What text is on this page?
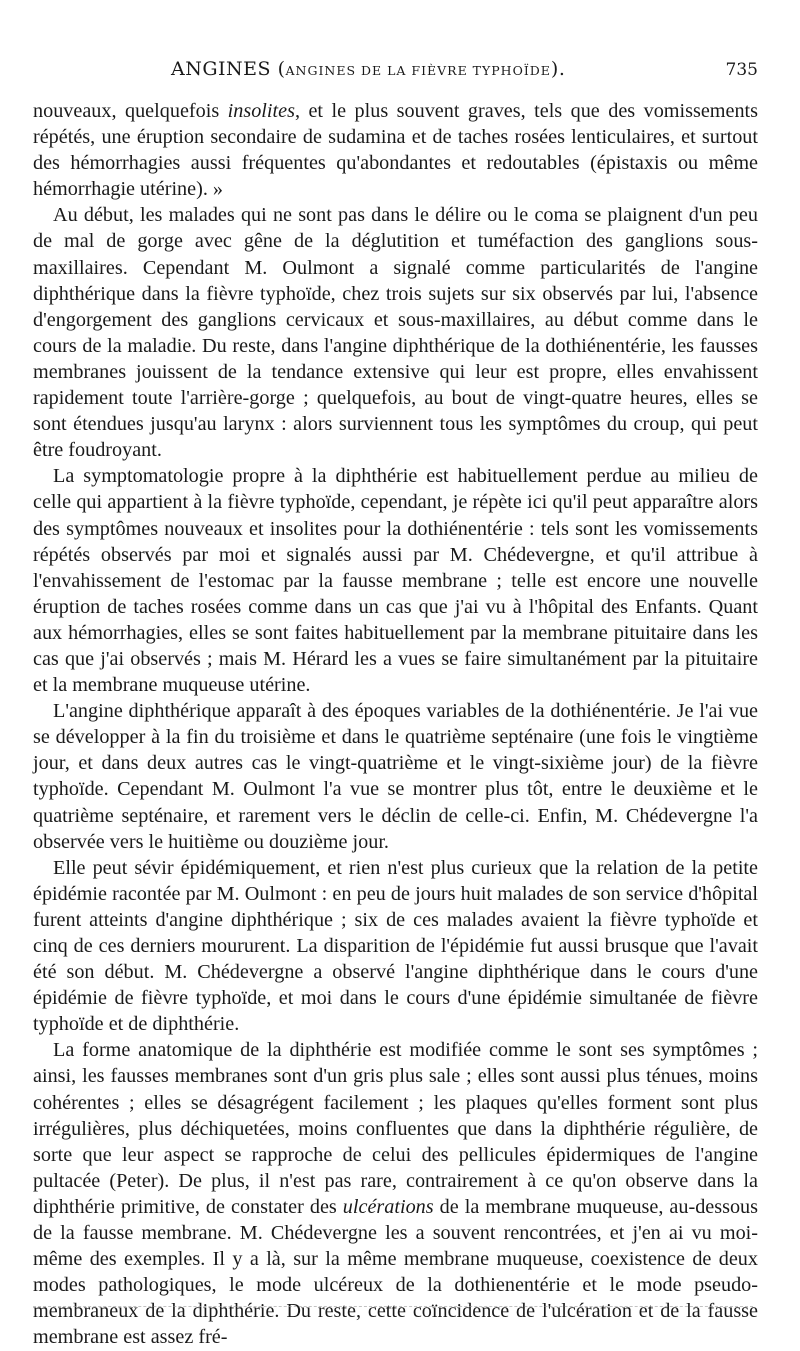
ANGINES (ANGINES DE LA FIÈVRE TYPHOÏDE).	735

nouveaux, quelquefois insolites, et le plus souvent graves, tels que des vomissements répétés, une éruption secondaire de sudamina et de taches rosées lenticulaires, et surtout des hémorrhagies aussi fréquentes qu'abondantes et redoutables (épistaxis ou même hémorrhagie utérine). »

Au début, les malades qui ne sont pas dans le délire ou le coma se plaignent d'un peu de mal de gorge avec gêne de la déglutition et tuméfaction des ganglions sous-maxillaires. Cependant M. Oulmont a signalé comme particularités de l'angine diphthérique dans la fièvre typhoïde, chez trois sujets sur six observés par lui, l'absence d'engorgement des ganglions cervicaux et sous-maxillaires, au début comme dans le cours de la maladie. Du reste, dans l'angine diphthérique de la dothiénentérie, les fausses membranes jouissent de la tendance extensive qui leur est propre, elles envahissent rapidement toute l'arrière-gorge ; quelquefois, au bout de vingt-quatre heures, elles se sont étendues jusqu'au larynx : alors surviennent tous les symptômes du croup, qui peut être foudroyant.

La symptomatologie propre à la diphthérie est habituellement perdue au milieu de celle qui appartient à la fièvre typhoïde, cependant, je répète ici qu'il peut apparaître alors des symptômes nouveaux et insolites pour la dothiénentérie : tels sont les vomissements répétés observés par moi et signalés aussi par M. Chédevergne, et qu'il attribue à l'envahissement de l'estomac par la fausse membrane ; telle est encore une nouvelle éruption de taches rosées comme dans un cas que j'ai vu à l'hôpital des Enfants. Quant aux hémorrhagies, elles se sont faites habituellement par la membrane pituitaire dans les cas que j'ai observés ; mais M. Hérard les a vues se faire simultanément par la pituitaire et la membrane muqueuse utérine.

L'angine diphthérique apparaît à des époques variables de la dothiénentérie. Je l'ai vue se développer à la fin du troisième et dans le quatrième septénaire (une fois le vingtième jour, et dans deux autres cas le vingt-quatrième et le vingt-sixième jour) de la fièvre typhoïde. Cependant M. Oulmont l'a vue se montrer plus tôt, entre le deuxième et le quatrième septénaire, et rarement vers le déclin de celle-ci. Enfin, M. Chédevergne l'a observée vers le huitième ou douzième jour.

Elle peut sévir épidémiquement, et rien n'est plus curieux que la relation de la petite épidémie racontée par M. Oulmont : en peu de jours huit malades de son service d'hôpital furent atteints d'angine diphthérique ; six de ces malades avaient la fièvre typhoïde et cinq de ces derniers moururent. La disparition de l'épidémie fut aussi brusque que l'avait été son début. M. Chédevergne a observé l'angine diphthérique dans le cours d'une épidémie de fièvre typhoïde, et moi dans le cours d'une épidémie simultanée de fièvre typhoïde et de diphthérie.

La forme anatomique de la diphthérie est modifiée comme le sont ses symptômes ; ainsi, les fausses membranes sont d'un gris plus sale ; elles sont aussi plus ténues, moins cohérentes ; elles se désagrégent facilement ; les plaques qu'elles forment sont plus irrégulières, plus déchiquetées, moins confluentes que dans la diphthérie régulière, de sorte que leur aspect se rapproche de celui des pellicules épidermiques de l'angine pultacée (Peter). De plus, il n'est pas rare, contrairement à ce qu'on observe dans la diphthérie primitive, de constater des ulcérations de la membrane muqueuse, au-dessous de la fausse membrane. M. Chédevergne les a souvent rencontrées, et j'en ai vu moi-même des exemples. Il y a là, sur la même membrane muqueuse, coexistence de deux modes pathologiques, le mode ulcéreux de la dothienentérie et le mode pseudo-membraneux de la diphthérie. Du reste, cette coïncidence de l'ulcération et de la fausse membrane est assez fré-
